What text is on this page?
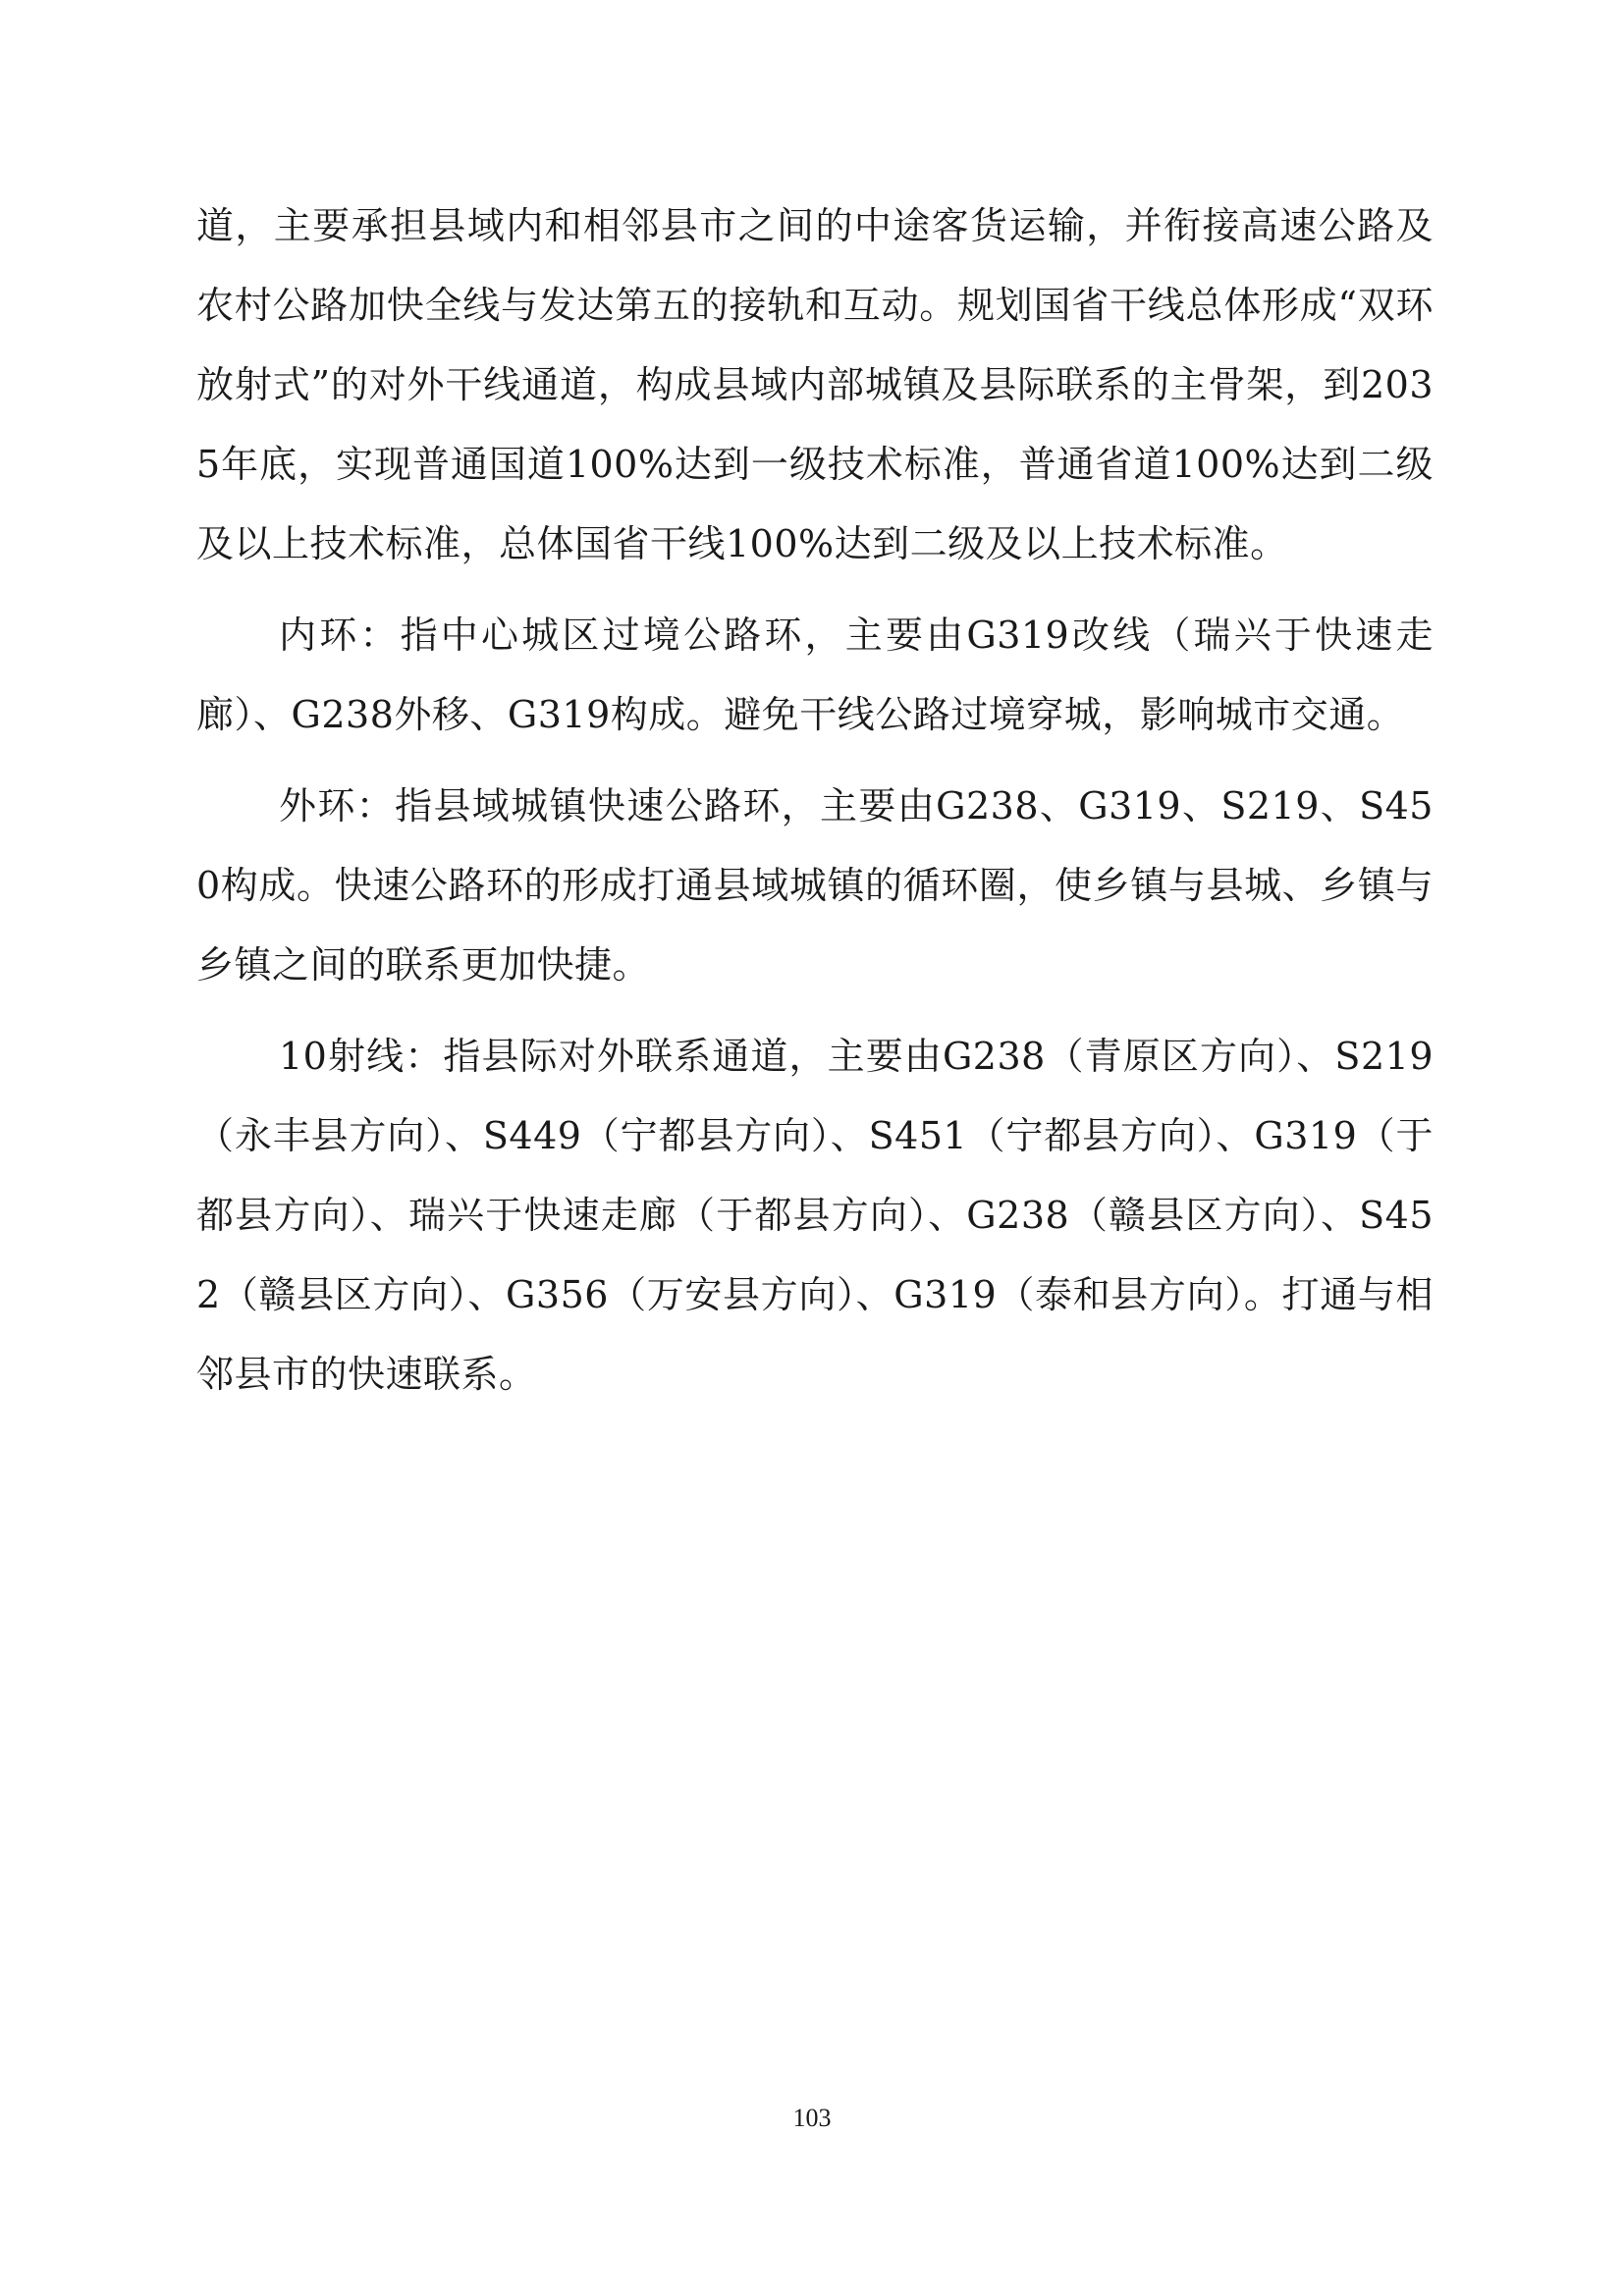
道，主要承担县域内和相邻县市之间的中途客货运输，并衔接高速公路及农村公路加快全线与发达第五的接轨和互动。规划国省干线总体形成“双环放射式”的对外干线通道，构成县域内部城镇及县际联系的主骨架，到2035年底，实现普通国道100%达到一级技术标准，普通省道100%达到二级及以上技术标准，总体国省干线100%达到二级及以上技术标准。

内环：指中心城区过境公路环，主要由G319改线（瑞兴于快速走廊）、G238外移、G319构成。避免干线公路过境穿城，影响城市交通。

外环：指县域城镇快速公路环，主要由G238、G319、S219、S450构成。快速公路环的形成打通县域城镇的循环圈，使乡镇与县城、乡镇与乡镇之间的联系更加快捷。

10射线：指县际对外联系通道，主要由G238（青原区方向）、S219（永丰县方向）、S449（宁都县方向）、S451（宁都县方向）、G319（于都县方向）、瑞兴于快速走廊（于都县方向）、G238（赣县区方向）、S452（赣县区方向）、G356（万安县方向）、G319（泰和县方向）。打通与相邻县市的快速联系。

103
